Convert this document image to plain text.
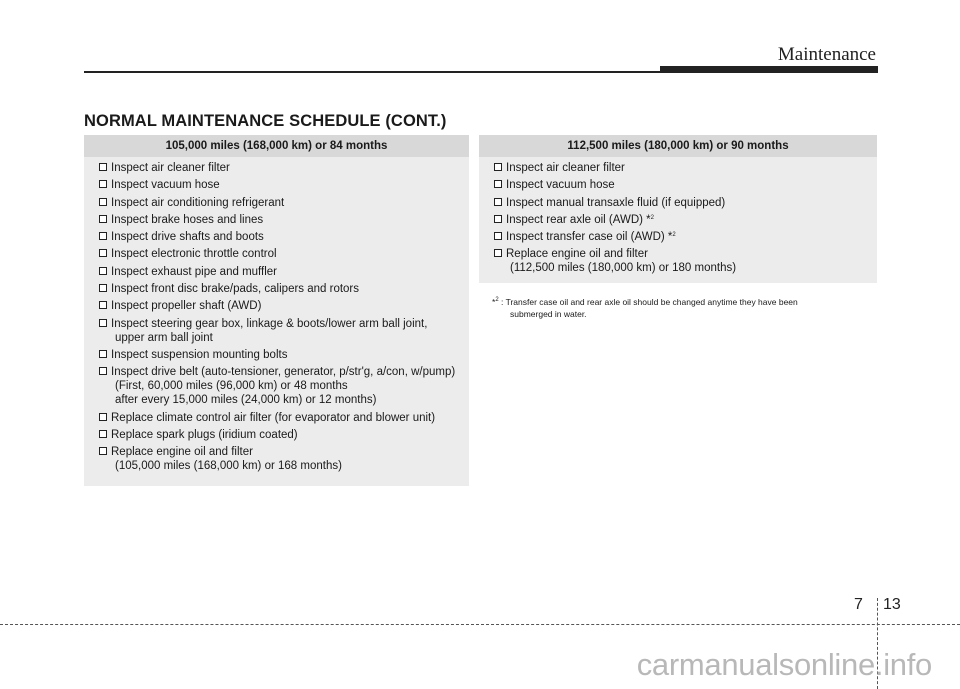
Maintenance
NORMAL MAINTENANCE SCHEDULE (CONT.)
105,000 miles (168,000 km) or 84 months
Inspect air cleaner filter
Inspect vacuum hose
Inspect air conditioning refrigerant
Inspect brake hoses and lines
Inspect drive shafts and boots
Inspect electronic throttle control
Inspect exhaust pipe and muffler
Inspect front disc brake/pads, calipers and rotors
Inspect propeller shaft (AWD)
Inspect steering gear box, linkage & boots/lower arm ball joint,
upper arm ball joint
Inspect suspension mounting bolts
Inspect drive belt (auto-tensioner, generator, p/str'g, a/con, w/pump)
(First, 60,000 miles (96,000 km) or 48 months
after every 15,000 miles (24,000 km) or 12 months)
Replace climate control air filter (for evaporator and blower unit)
Replace spark plugs (iridium coated)
Replace engine oil and filter
(105,000 miles (168,000 km) or 168 months)
112,500 miles (180,000 km) or 90 months
Inspect air cleaner filter
Inspect vacuum hose
Inspect manual transaxle fluid (if equipped)
Inspect rear axle oil (AWD) *$^2$
Inspect transfer case oil (AWD) *$^2$
Replace engine oil and filter
(112,500 miles (180,000 km) or 180 months)
*$^2$ : Transfer case oil and rear axle oil should be changed anytime they have been
submerged in water.
7 13
carmanualsonline.info
